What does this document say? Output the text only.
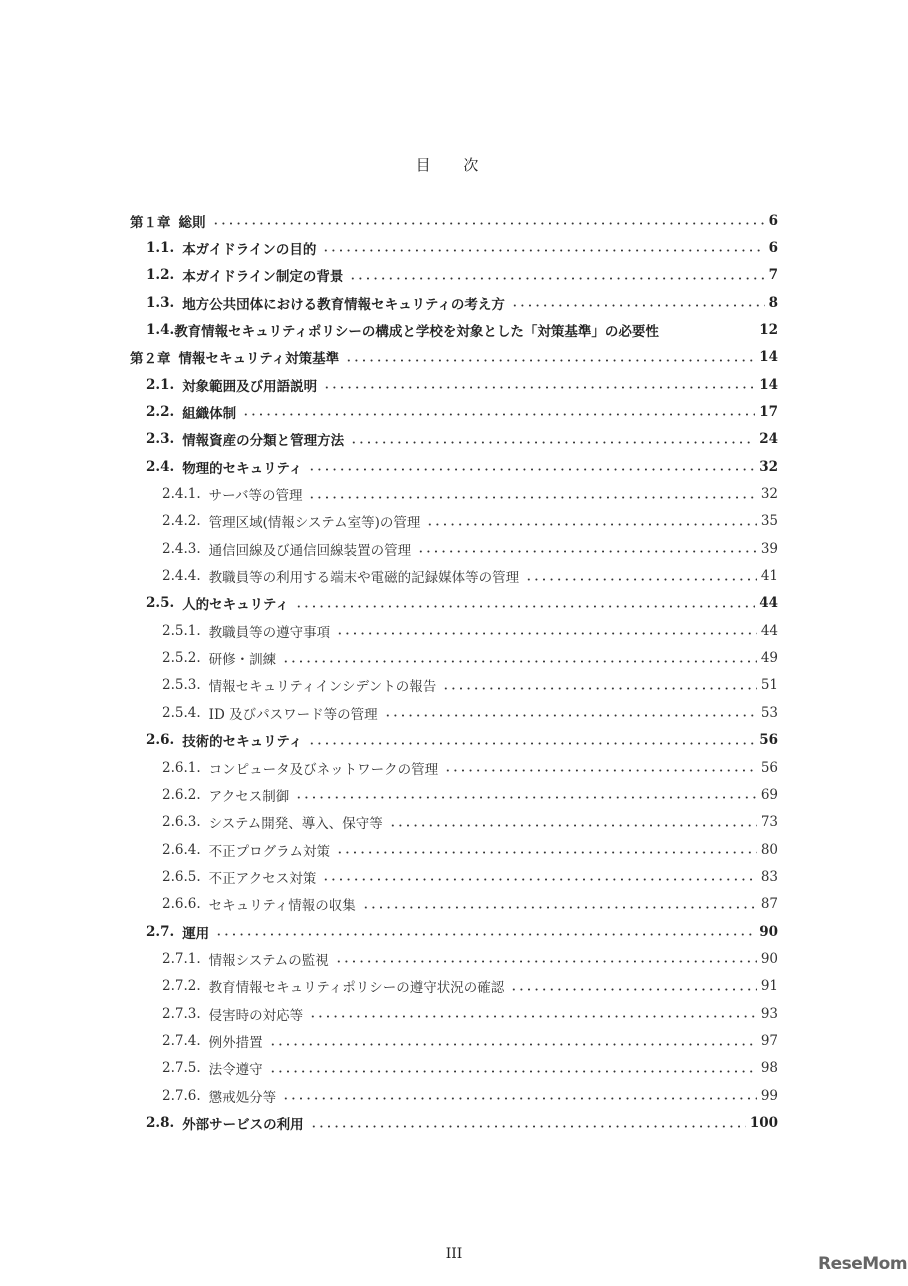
目 次
第１章 総則	6
1.1. 本ガイドラインの目的	6
1.2. 本ガイドライン制定の背景	7
1.3. 地方公共団体における教育情報セキュリティの考え方	8
1.4. 教育情報セキュリティポリシーの構成と学校を対象とした「対策基準」の必要性	12
第２章 情報セキュリティ対策基準	14
2.1. 対象範囲及び用語説明	14
2.2. 組織体制	17
2.3. 情報資産の分類と管理方法	24
2.4. 物理的セキュリティ	32
2.4.1. サーバ等の管理	32
2.4.2. 管理区域(情報システム室等)の管理	35
2.4.3. 通信回線及び通信回線装置の管理	39
2.4.4. 教職員等の利用する端末や電磁的記録媒体等の管理	41
2.5. 人的セキュリティ	44
2.5.1. 教職員等の遵守事項	44
2.5.2. 研修・訓練	49
2.5.3. 情報セキュリティインシデントの報告	51
2.5.4. ID 及びパスワード等の管理	53
2.6. 技術的セキュリティ	56
2.6.1. コンピュータ及びネットワークの管理	56
2.6.2. アクセス制御	69
2.6.3. システム開発、導入、保守等	73
2.6.4. 不正プログラム対策	80
2.6.5. 不正アクセス対策	83
2.6.6. セキュリティ情報の収集	87
2.7. 運用	90
2.7.1. 情報システムの監視	90
2.7.2. 教育情報セキュリティポリシーの遵守状況の確認	91
2.7.3. 侵害時の対応等	93
2.7.4. 例外措置	97
2.7.5. 法令遵守	98
2.7.6. 懲戒処分等	99
2.8. 外部サービスの利用	100
III	ReseMom
